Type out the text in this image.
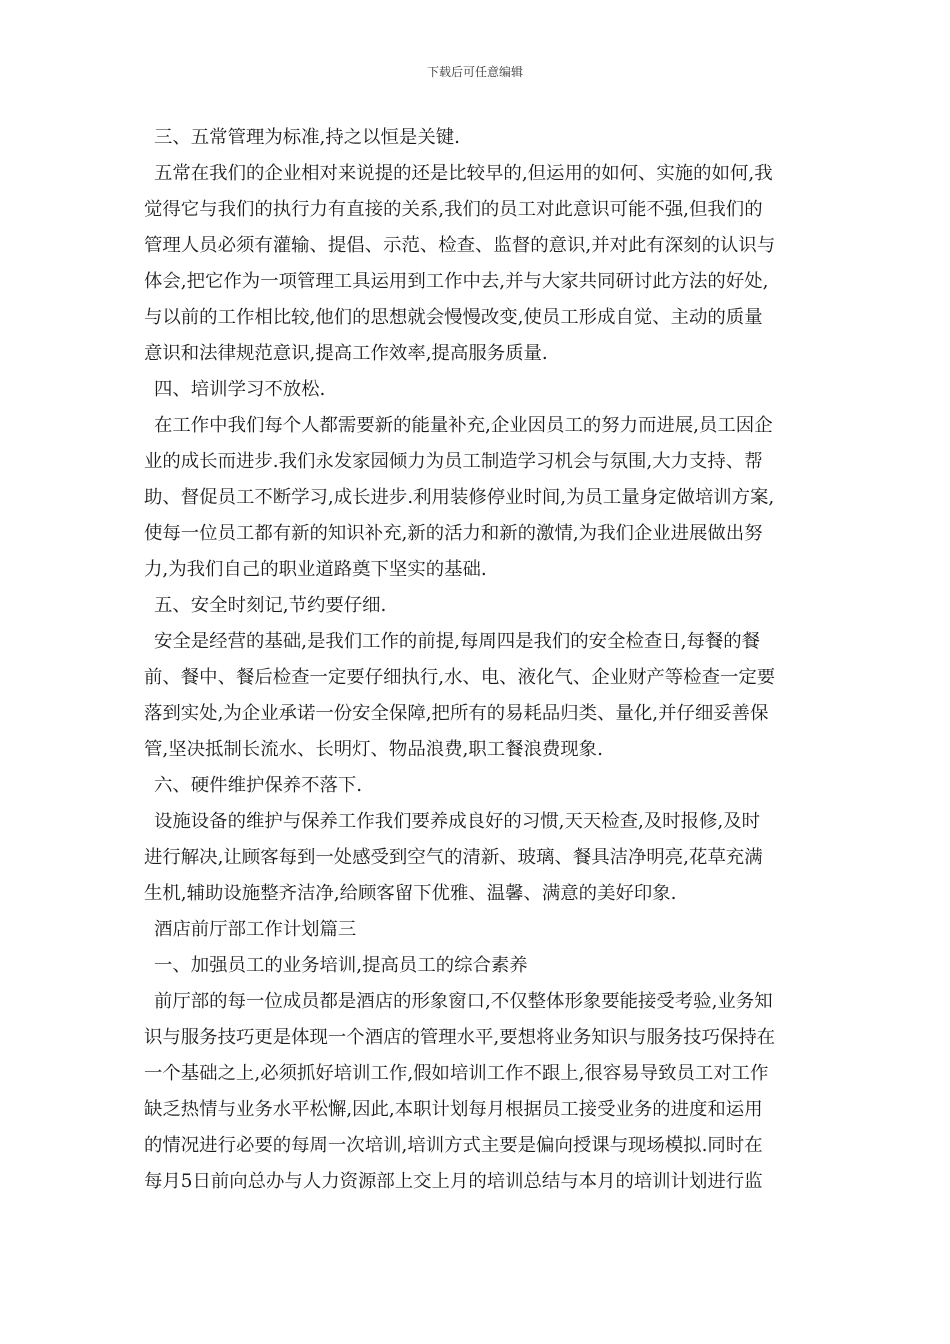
下载后可任意编辑
三、五常管理为标准,持之以恒是关键.
五常在我们的企业相对来说提的还是比较早的,但运用的如何、实施的如何,我
觉得它与我们的执行力有直接的关系,我们的员工对此意识可能不强,但我们的
管理人员必须有灌输、提倡、示范、检查、监督的意识,并对此有深刻的认识与
体会,把它作为一项管理工具运用到工作中去,并与大家共同研讨此方法的好处,
与以前的工作相比较,他们的思想就会慢慢改变,使员工形成自觉、主动的质量
意识和法律规范意识,提高工作效率,提高服务质量.
四、培训学习不放松.
在工作中我们每个人都需要新的能量补充,企业因员工的努力而进展,员工因企
业的成长而进步.我们永发家园倾力为员工制造学习机会与氛围,大力支持、帮
助、督促员工不断学习,成长进步.利用装修停业时间,为员工量身定做培训方案,
使每一位员工都有新的知识补充,新的活力和新的激情,为我们企业进展做出努
力,为我们自己的职业道路奠下坚实的基础.
五、安全时刻记,节约要仔细.
安全是经营的基础,是我们工作的前提,每周四是我们的安全检查日,每餐的餐
前、餐中、餐后检查一定要仔细执行,水、电、液化气、企业财产等检查一定要
落到实处,为企业承诺一份安全保障,把所有的易耗品归类、量化,并仔细妥善保
管,坚决抵制长流水、长明灯、物品浪费,职工餐浪费现象.
六、硬件维护保养不落下.
设施设备的维护与保养工作我们要养成良好的习惯,天天检查,及时报修,及时
进行解决,让顾客每到一处感受到空气的清新、玻璃、餐具洁净明亮,花草充满
生机,辅助设施整齐洁净,给顾客留下优雅、温馨、满意的美好印象.
酒店前厅部工作计划篇三
一、加强员工的业务培训,提高员工的综合素养
前厅部的每一位成员都是酒店的形象窗口,不仅整体形象要能接受考验,业务知
识与服务技巧更是体现一个酒店的管理水平,要想将业务知识与服务技巧保持在
一个基础之上,必须抓好培训工作,假如培训工作不跟上,很容易导致员工对工作
缺乏热情与业务水平松懈,因此,本职计划每月根据员工接受业务的进度和运用
的情况进行必要的每周一次培训,培训方式主要是偏向授课与现场模拟.同时在
每月5日前向总办与人力资源部上交上月的培训总结与本月的培训计划进行监
